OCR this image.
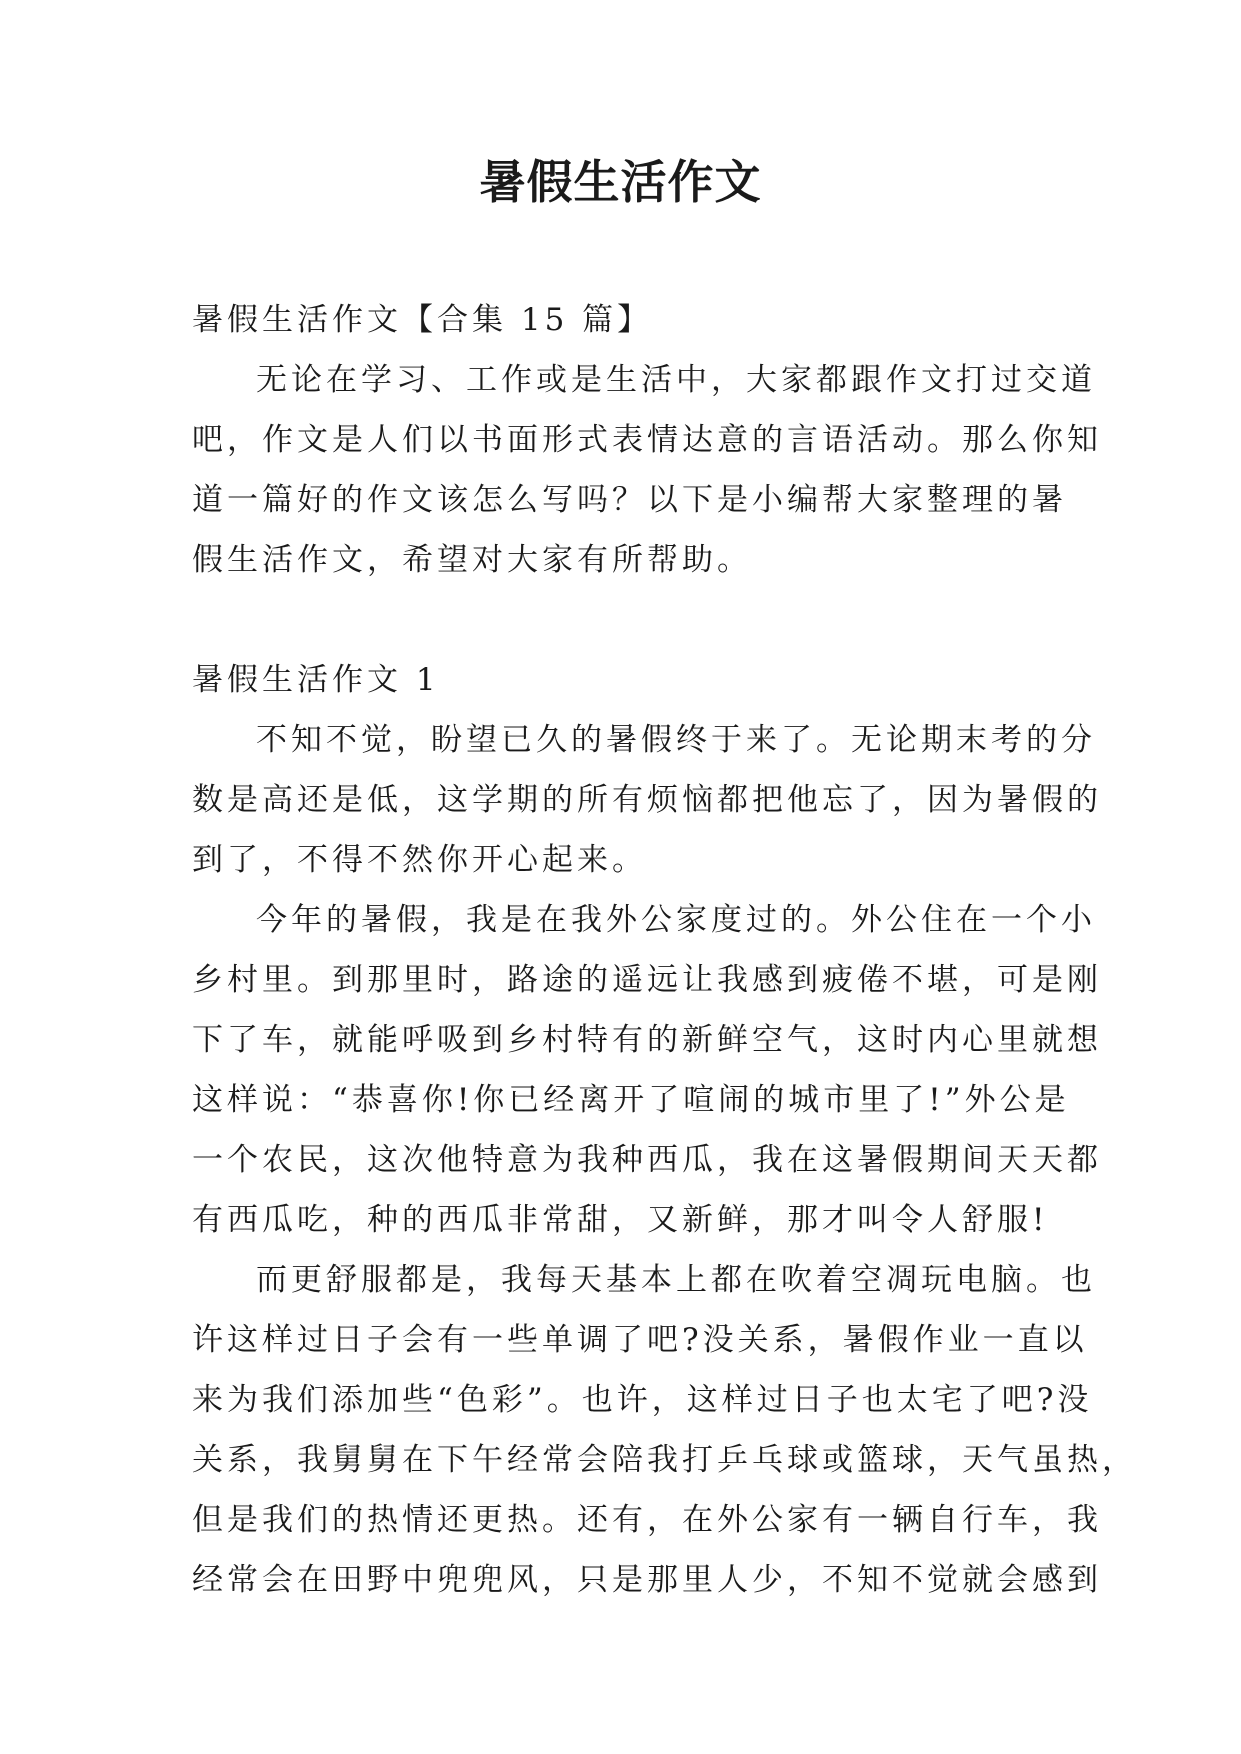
暑假生活作文

暑假生活作文【合集 15 篇】

无论在学习、工作或是生活中，大家都跟作文打过交道

吧，作文是人们以书面形式表情达意的言语活动。那么你知

道一篇好的作文该怎么写吗？以下是小编帮大家整理的暑

假生活作文，希望对大家有所帮助。

暑假生活作文 1

不知不觉，盼望已久的暑假终于来了。无论期末考的分

数是高还是低，这学期的所有烦恼都把他忘了，因为暑假的

到了，不得不然你开心起来。

今年的暑假，我是在我外公家度过的。外公住在一个小

乡村里。到那里时，路途的遥远让我感到疲倦不堪，可是刚

下了车，就能呼吸到乡村特有的新鲜空气，这时内心里就想

这样说：“恭喜你!你已经离开了喧闹的城市里了!”外公是

一个农民，这次他特意为我种西瓜，我在这暑假期间天天都

有西瓜吃，种的西瓜非常甜，又新鲜，那才叫令人舒服!

而更舒服都是，我每天基本上都在吹着空凋玩电脑。也

许这样过日子会有一些单调了吧?没关系，暑假作业一直以

来为我们添加些“色彩”。也许，这样过日子也太宅了吧?没

关系，我舅舅在下午经常会陪我打乒乓球或篮球，天气虽热，

但是我们的热情还更热。还有，在外公家有一辆自行车，我

经常会在田野中兜兜风，只是那里人少，不知不觉就会感到
